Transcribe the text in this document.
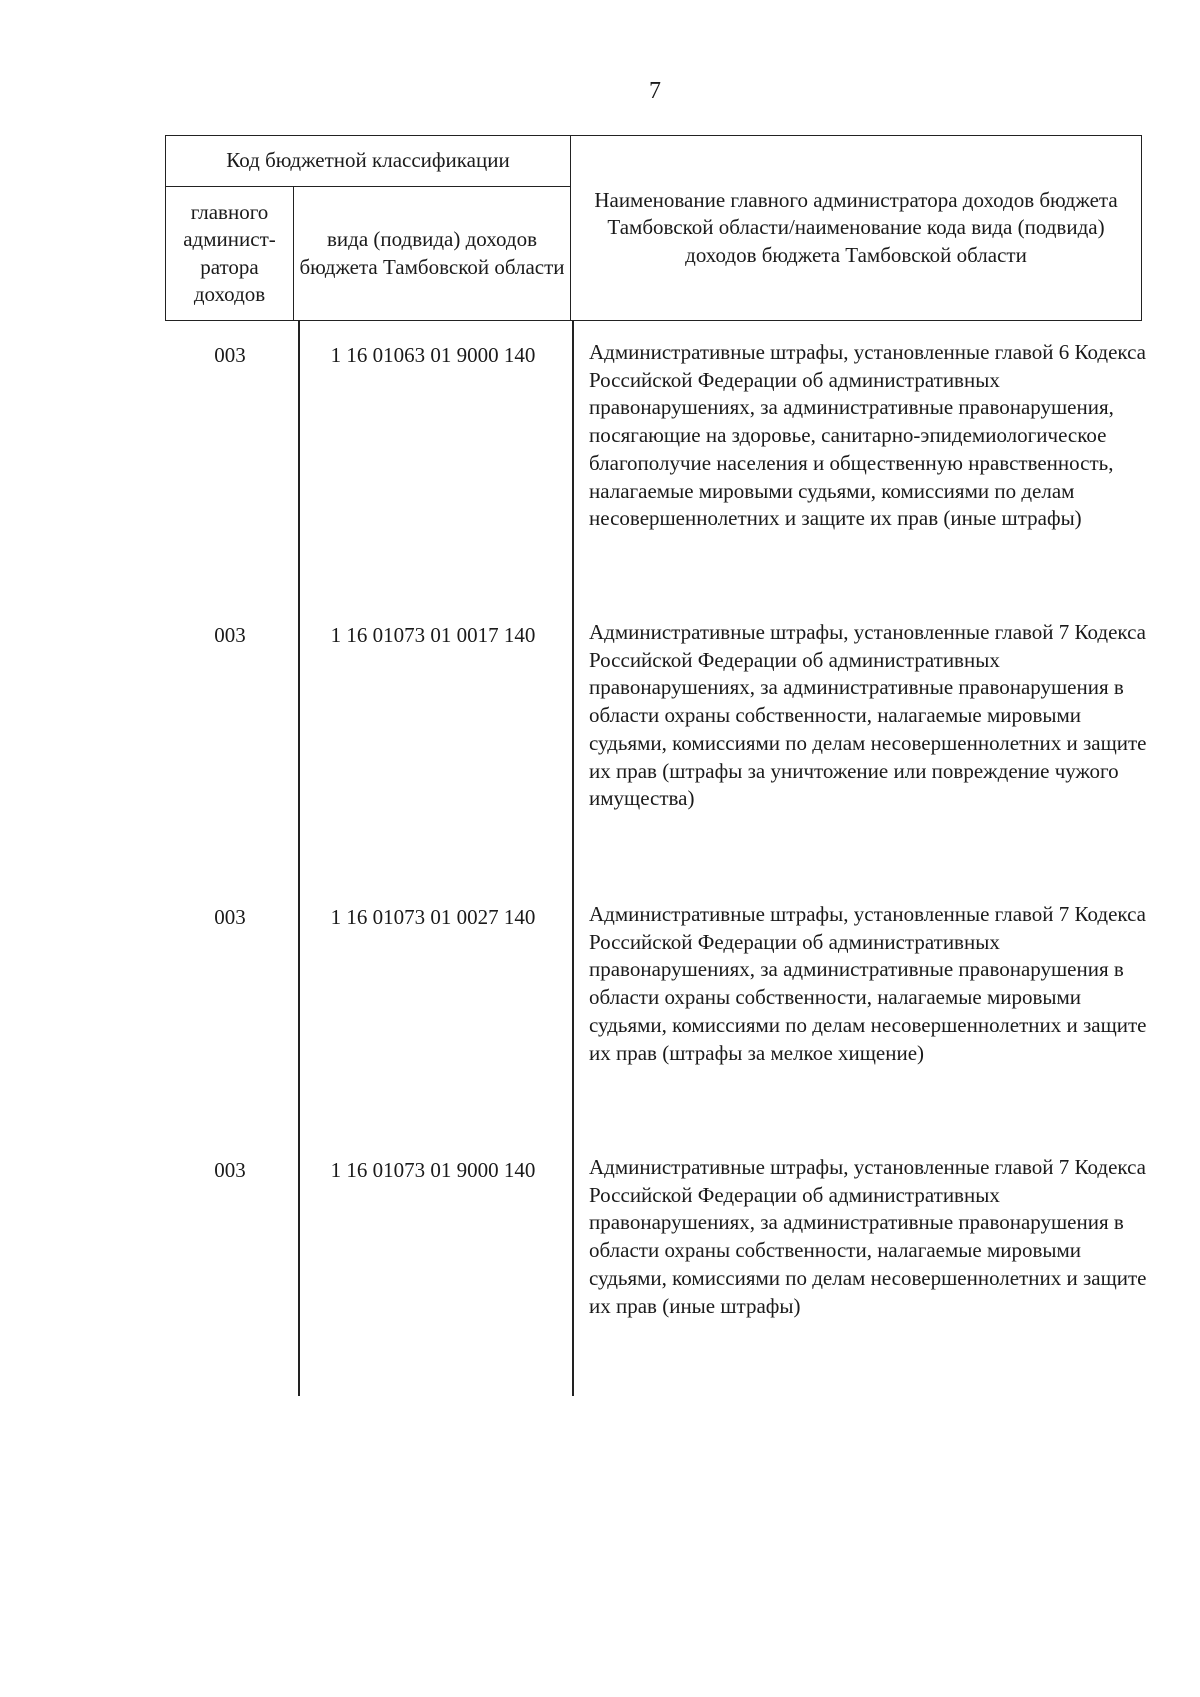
7
Код бюджетной классификации
главного админист-ратора доходов
вида (подвида) доходов бюджета Тамбовской области
Наименование главного администратора доходов бюджета Тамбовской области/наименование кода вида (подвида) доходов бюджета Тамбовской области
003	1 16 01063 01 9000 140	Административные штрафы, установленные главой 6 Кодекса Российской Федерации об административных правонарушениях, за административные правонарушения, посягающие на здоровье, санитарно-эпидемиологическое благополучие населения и общественную нравственность, налагаемые мировыми судьями, комиссиями по делам несовершеннолетних и защите их прав (иные штрафы)
003	1 16 01073 01 0017 140	Административные штрафы, установленные главой 7 Кодекса Российской Федерации об административных правонарушениях, за административные правонарушения в области охраны собственности, налагаемые мировыми судьями, комиссиями по делам несовершеннолетних и защите их прав (штрафы за уничтожение или повреждение чужого имущества)
003	1 16 01073 01 0027 140	Административные штрафы, установленные главой 7 Кодекса Российской Федерации об административных правонарушениях, за административные правонарушения в области охраны собственности, налагаемые мировыми судьями, комиссиями по делам несовершеннолетних и защите их прав (штрафы за мелкое хищение)
003	1 16 01073 01 9000 140	Административные штрафы, установленные главой 7 Кодекса Российской Федерации об административных правонарушениях, за административные правонарушения в области охраны собственности, налагаемые мировыми судьями, комиссиями по делам несовершеннолетних и защите их прав (иные штрафы)
